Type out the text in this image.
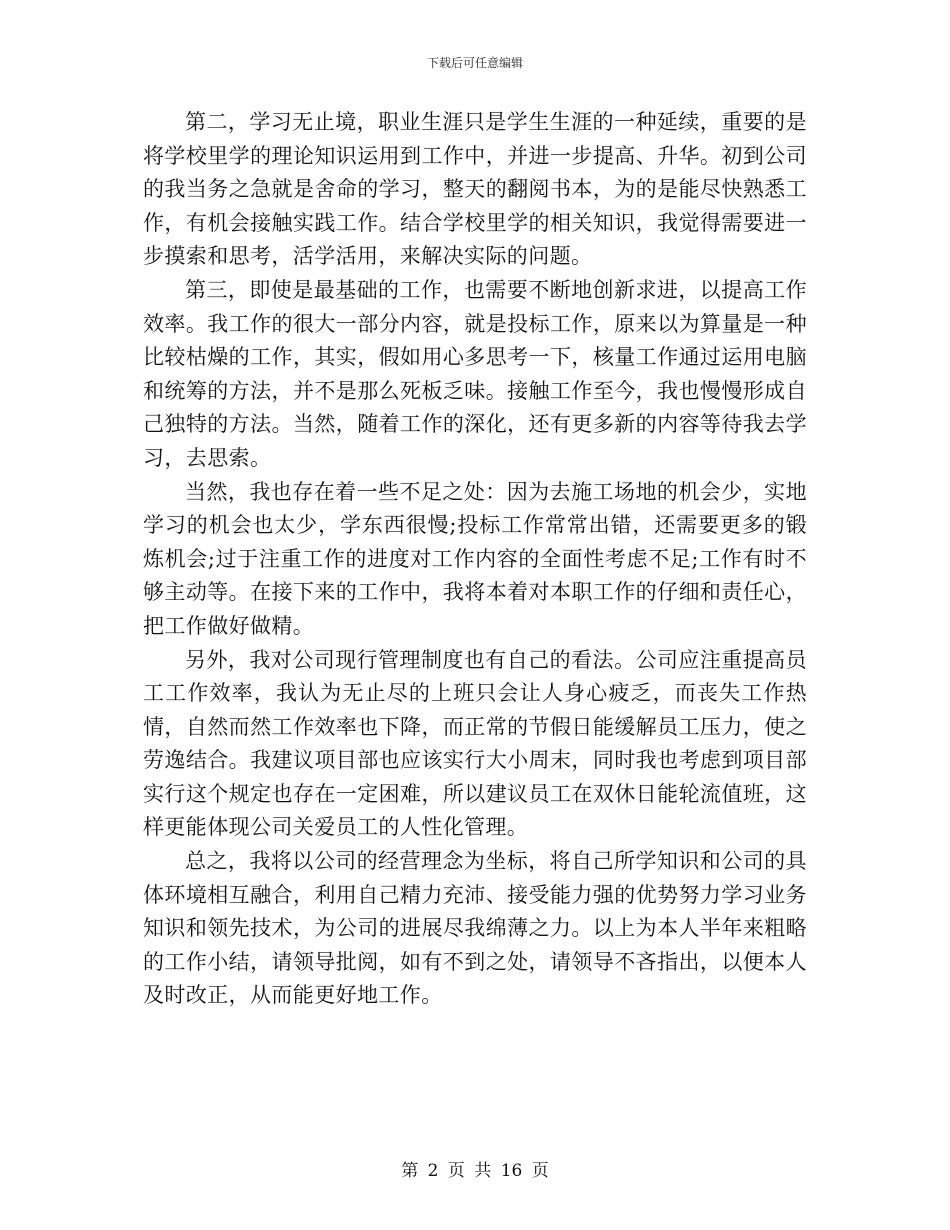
下载后可任意编辑

第二，学习无止境，职业生涯只是学生生涯的一种延续，重要的是将学校里学的理论知识运用到工作中，并进一步提高、升华。初到公司的我当务之急就是舍命的学习，整天的翻阅书本，为的是能尽快熟悉工作，有机会接触实践工作。结合学校里学的相关知识，我觉得需要进一步摸索和思考，活学活用，来解决实际的问题。

第三，即使是最基础的工作，也需要不断地创新求进，以提高工作效率。我工作的很大一部分内容，就是投标工作，原来以为算量是一种比较枯燥的工作，其实，假如用心多思考一下，核量工作通过运用电脑和统筹的方法，并不是那么死板乏味。接触工作至今，我也慢慢形成自己独特的方法。当然，随着工作的深化，还有更多新的内容等待我去学习，去思索。

当然，我也存在着一些不足之处：因为去施工场地的机会少，实地学习的机会也太少，学东西很慢;投标工作常常出错，还需要更多的锻炼机会;过于注重工作的进度对工作内容的全面性考虑不足;工作有时不够主动等。在接下来的工作中，我将本着对本职工作的仔细和责任心，把工作做好做精。

另外，我对公司现行管理制度也有自己的看法。公司应注重提高员工工作效率，我认为无止尽的上班只会让人身心疲乏，而丧失工作热情，自然而然工作效率也下降，而正常的节假日能缓解员工压力，使之劳逸结合。我建议项目部也应该实行大小周末，同时我也考虑到项目部实行这个规定也存在一定困难，所以建议员工在双休日能轮流值班，这样更能体现公司关爱员工的人性化管理。

总之，我将以公司的经营理念为坐标，将自己所学知识和公司的具体环境相互融合，利用自己精力充沛、接受能力强的优势努力学习业务知识和领先技术，为公司的进展尽我绵薄之力。以上为本人半年来粗略的工作小结，请领导批阅，如有不到之处，请领导不吝指出，以便本人及时改正，从而能更好地工作。

第 2 页 共 16 页
